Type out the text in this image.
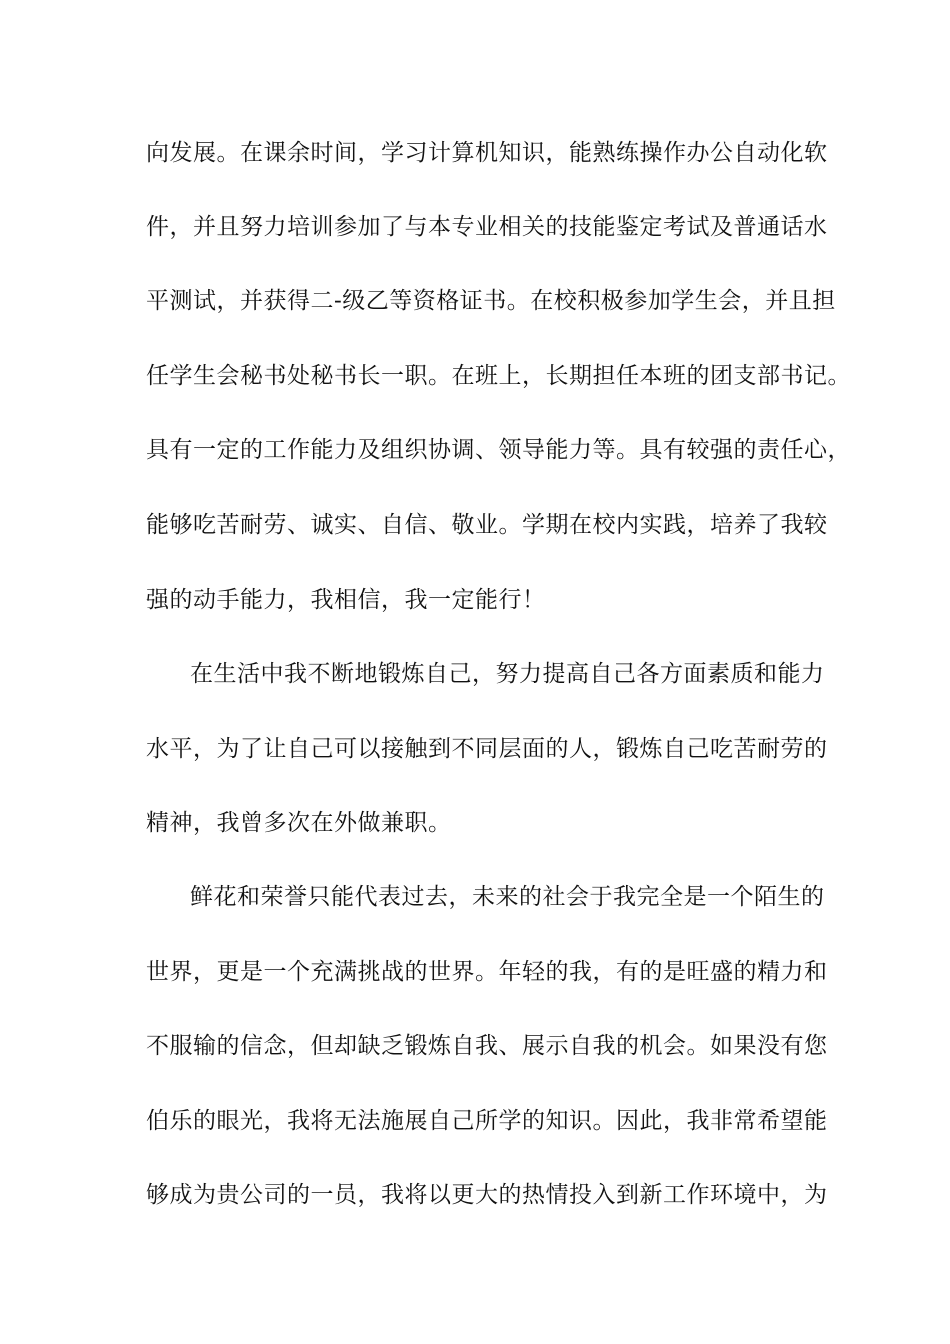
向发展。在课余时间，学习计算机知识，能熟练操作办公自动化软
件，并且努力培训参加了与本专业相关的技能鉴定考试及普通话水
平测试，并获得二-级乙等资格证书。在校积极参加学生会，并且担
任学生会秘书处秘书长一职。在班上，长期担任本班的团支部书记。
具有一定的工作能力及组织协调、领导能力等。具有较强的责任心，
能够吃苦耐劳、诚实、自信、敬业。学期在校内实践，培养了我较
强的动手能力，我相信，我一定能行！
在生活中我不断地锻炼自己，努力提高自己各方面素质和能力
水平，为了让自己可以接触到不同层面的人，锻炼自己吃苦耐劳的
精神，我曾多次在外做兼职。
鲜花和荣誉只能代表过去，未来的社会于我完全是一个陌生的
世界，更是一个充满挑战的世界。年轻的我，有的是旺盛的精力和
不服输的信念，但却缺乏锻炼自我、展示自我的机会。如果没有您
伯乐的眼光，我将无法施展自己所学的知识。因此，我非常希望能
够成为贵公司的一员，我将以更大的热情投入到新工作环境中，为
